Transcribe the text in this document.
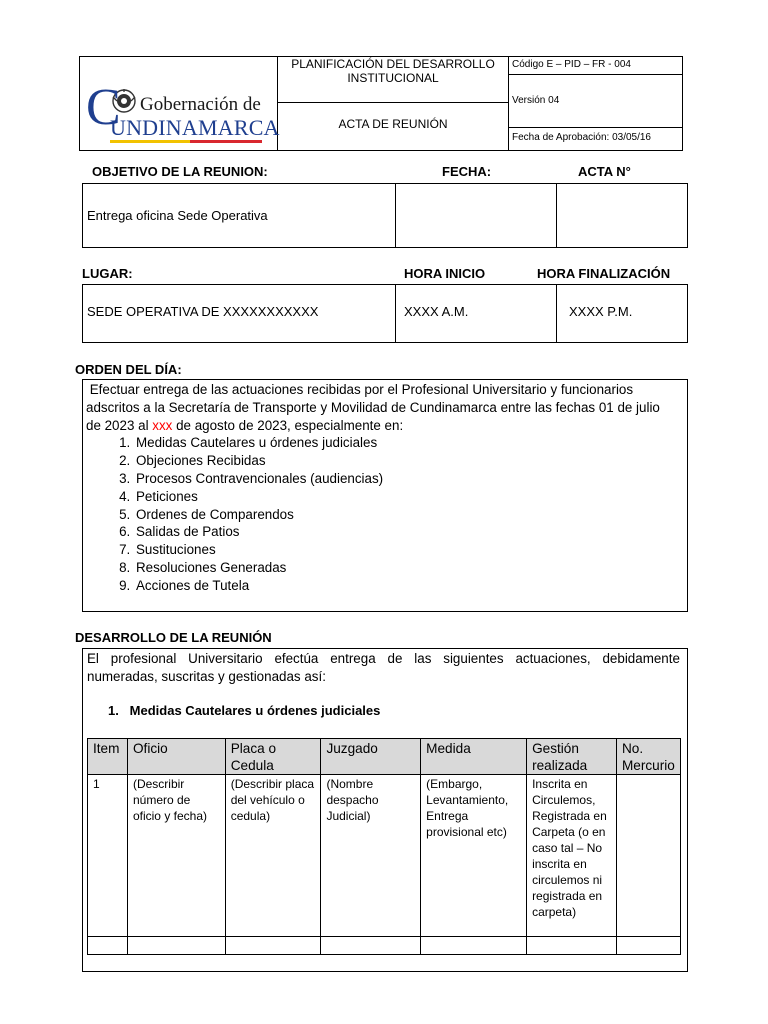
C Gobernación de
UNDINAMARCA
PLANIFICACIÓN DEL DESARROLLO INSTITUCIONAL
ACTA DE REUNIÓN
Código E – PID – FR - 004
Versión 04
Fecha de Aprobación: 03/05/16
OBJETIVO DE LA REUNION:	FECHA:	ACTA N°
Entrega oficina Sede Operativa
LUGAR:	HORA INICIO	HORA FINALIZACIÓN
SEDE OPERATIVA DE XXXXXXXXXXX	XXXX A.M.	XXXX P.M.
ORDEN DEL DÍA:
Efectuar entrega de las actuaciones recibidas por el Profesional Universitario y funcionarios
adscritos a la Secretaría de Transporte y Movilidad de Cundinamarca entre las fechas 01 de julio
de 2023 al xxx de agosto de 2023, especialmente en:
1. Medidas Cautelares u órdenes judiciales
2. Objeciones Recibidas
3. Procesos Contravencionales (audiencias)
4. Peticiones
5. Ordenes de Comparendos
6. Salidas de Patios
7. Sustituciones
8. Resoluciones Generadas
9. Acciones de Tutela
DESARROLLO DE LA REUNIÓN
El profesional Universitario efectúa entrega de las siguientes actuaciones, debidamente
numeradas, suscritas y gestionadas así:
1.   Medidas Cautelares u órdenes judiciales
Item	Oficio	Placa o Cedula	Juzgado	Medida	Gestión realizada	No. Mercurio
1	(Describir número de oficio y fecha)	(Describir placa del vehículo o cedula)	(Nombre despacho Judicial)	(Embargo, Levantamiento, Entrega provisional etc)	Inscrita en Circulemos, Registrada en Carpeta (o en caso tal – No inscrita en circulemos ni registrada en carpeta)	
